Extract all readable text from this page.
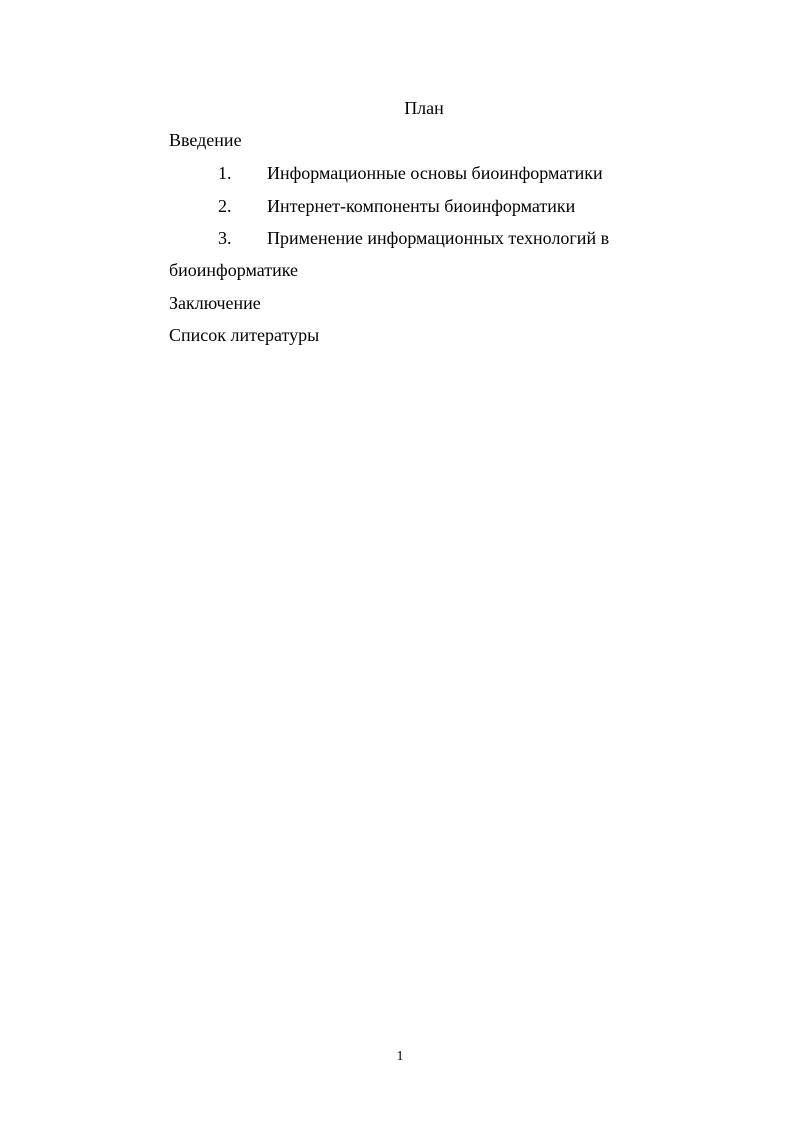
План
Введение
1. Информационные основы биоинформатики
2. Интернет-компоненты биоинформатики
3. Применение информационных технологий в
биоинформатике
Заключение
Список литературы
1
